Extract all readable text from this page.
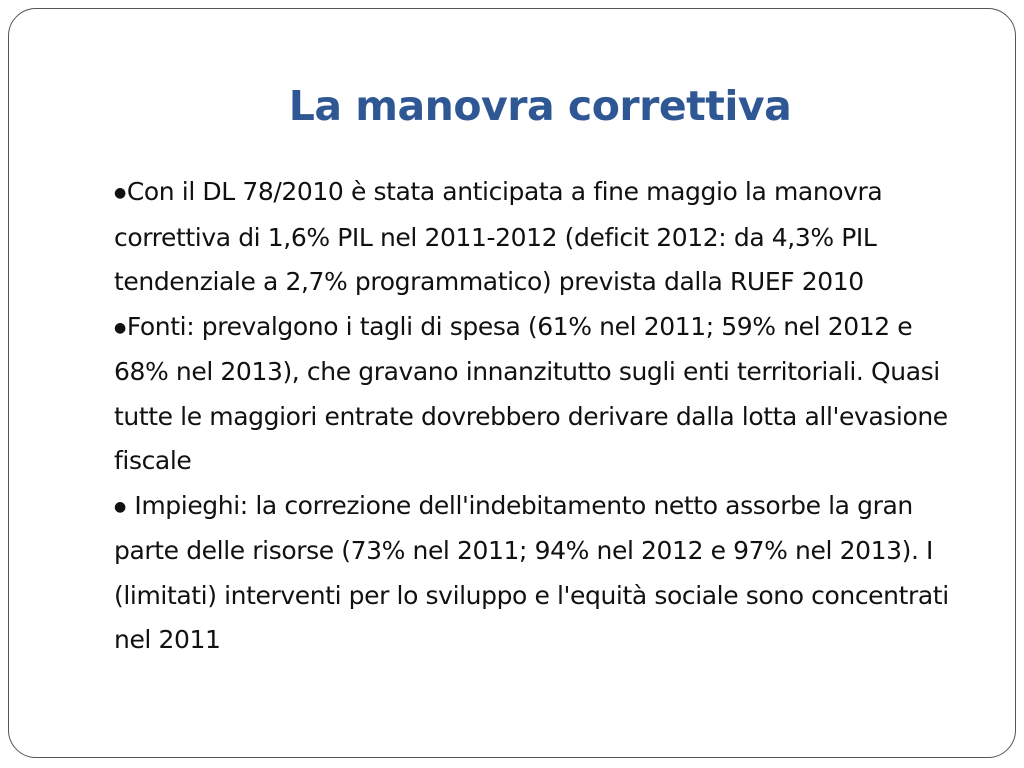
La manovra correttiva

●Con il DL 78/2010 è stata anticipata a fine maggio la manovra correttiva di 1,6% PIL nel 2011-2012 (deficit 2012: da 4,3% PIL tendenziale a 2,7% programmatico) prevista dalla RUEF 2010

●Fonti: prevalgono i tagli di spesa (61% nel 2011; 59% nel 2012 e 68% nel 2013), che gravano innanzitutto sugli enti territoriali. Quasi tutte le maggiori entrate dovrebbero derivare dalla lotta all'evasione fiscale

● Impieghi: la correzione dell'indebitamento netto assorbe la gran parte delle risorse (73% nel 2011; 94% nel 2012 e 97% nel 2013). I (limitati) interventi per lo sviluppo e l'equità sociale sono concentrati nel 2011
